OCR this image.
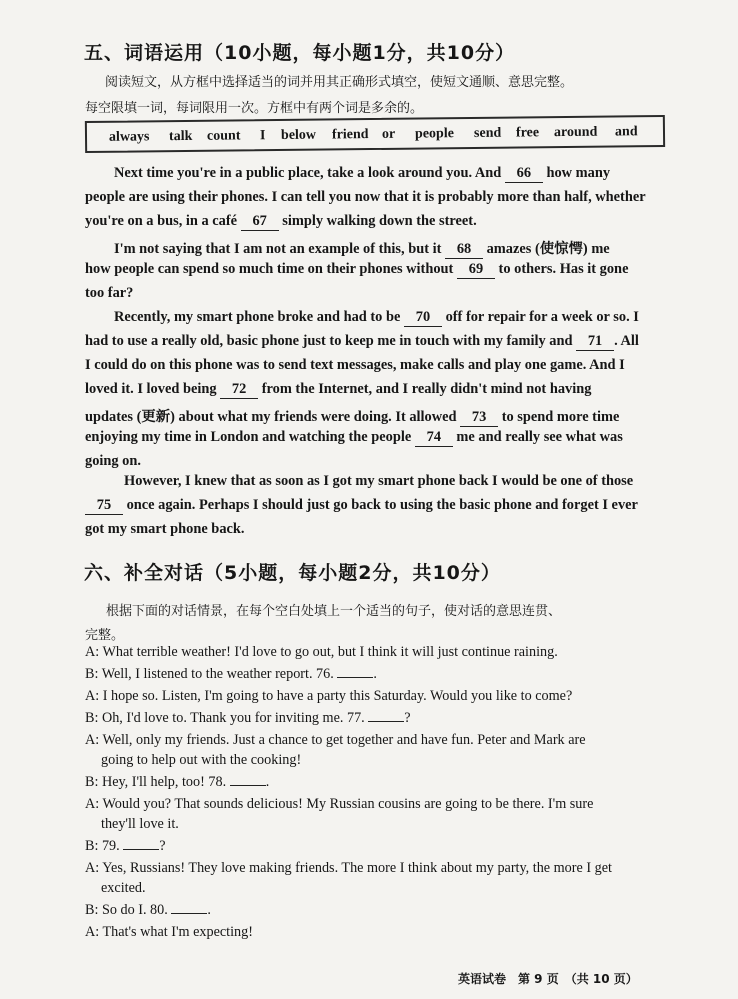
五、词语运用（10小题，每小题1分，共10分）
阅读短文，从方框中选择适当的词并用其正确形式填空，使短文通顺、意思完整。
每空限填一词，每词限用一次。方框中有两个词是多余的。
always talk count I below friend or people send free around and
Next time you're in a public place, take a look around you. And 66 how many
people are using their phones. I can tell you now that it is probably more than half, whether
you're on a bus, in a café 67 simply walking down the street.
I'm not saying that I am not an example of this, but it 68 amazes (使惊愕) me
how people can spend so much time on their phones without 69 to others. Has it gone
too far?
Recently, my smart phone broke and had to be 70 off for repair for a week or so. I
had to use a really old, basic phone just to keep me in touch with my family and 71 . All
I could do on this phone was to send text messages, make calls and play one game. And I
loved it. I loved being 72 from the Internet, and I really didn't mind not having
updates (更新) about what my friends were doing. It allowed 73 to spend more time
enjoying my time in London and watching the people 74 me and really see what was
going on.
However, I knew that as soon as I got my smart phone back I would be one of those
75 once again. Perhaps I should just go back to using the basic phone and forget I ever
got my smart phone back.
六、补全对话（5小题，每小题2分，共10分）
根据下面的对话情景，在每个空白处填上一个适当的句子，使对话的意思连贯、
完整。
A: What terrible weather! I'd love to go out, but I think it will just continue raining.
B: Well, I listened to the weather report. 76.	.
A: I hope so. Listen, I'm going to have a party this Saturday. Would you like to come?
B: Oh, I'd love to. Thank you for inviting me. 77.	?
A: Well, only my friends. Just a chance to get together and have fun. Peter and Mark are
going to help out with the cooking!
B: Hey, I'll help, too! 78.	.
A: Would you? That sounds delicious! My Russian cousins are going to be there. I'm sure
they'll love it.
B: 79.	?
A: Yes, Russians! They love making friends. The more I think about my party, the more I get
excited.
B: So do I. 80.	.
A: That's what I'm expecting!
英语试卷　第 9 页　（共 10 页）
